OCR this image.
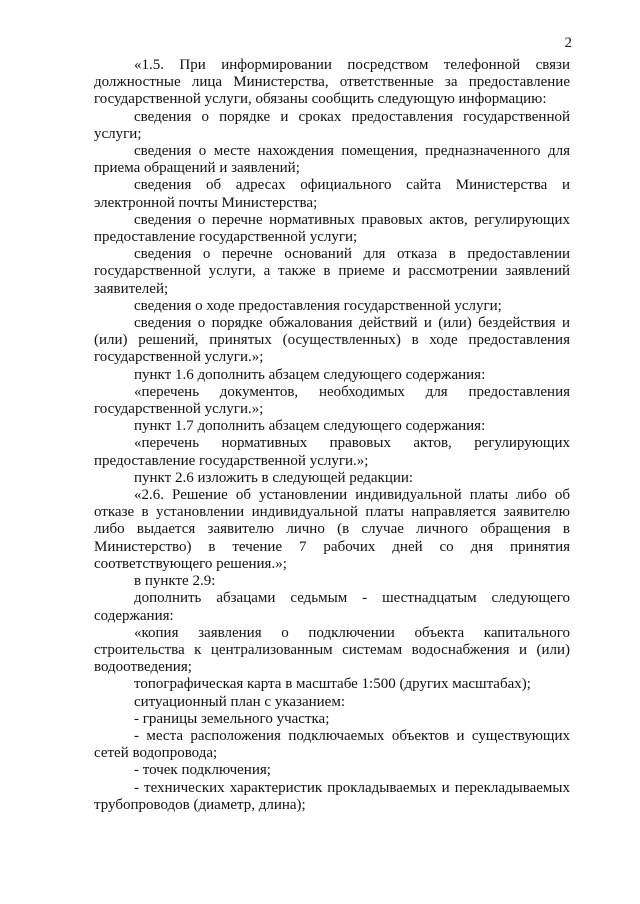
2

«1.5. При информировании посредством телефонной связи должностные лица Министерства, ответственные за предоставление государственной услуги, обязаны сообщить следующую информацию:

сведения о порядке и сроках предоставления государственной услуги;

сведения о месте нахождения помещения, предназначенного для приема обращений и заявлений;

сведения об адресах официального сайта Министерства и электронной почты Министерства;

сведения о перечне нормативных правовых актов, регулирующих предоставление государственной услуги;

сведения о перечне оснований для отказа в предоставлении государственной услуги, а также в приеме и рассмотрении заявлений заявителей;

сведения о ходе предоставления государственной услуги;

сведения о порядке обжалования действий и (или) бездействия и (или) решений, принятых (осуществленных) в ходе предоставления государственной услуги.»;

пункт 1.6 дополнить абзацем следующего содержания:

«перечень документов, необходимых для предоставления государственной услуги.»;

пункт 1.7 дополнить абзацем следующего содержания:

«перечень нормативных правовых актов, регулирующих предоставление государственной услуги.»;

пункт 2.6 изложить в следующей редакции:

«2.6. Решение об установлении индивидуальной платы либо об отказе в установлении индивидуальной платы направляется заявителю либо выдается заявителю лично (в случае личного обращения в Министерство) в течение 7 рабочих дней со дня принятия соответствующего решения.»;

в пункте 2.9:

дополнить абзацами седьмым - шестнадцатым следующего содержания:

«копия заявления о подключении объекта капитального строительства к централизованным системам водоснабжения и (или) водоотведения;

топографическая карта в масштабе 1:500 (других масштабах);

ситуационный план с указанием:

- границы земельного участка;

- места расположения подключаемых объектов и существующих сетей водопровода;

- точек подключения;

- технических характеристик прокладываемых и перекладываемых трубопроводов (диаметр, длина);
